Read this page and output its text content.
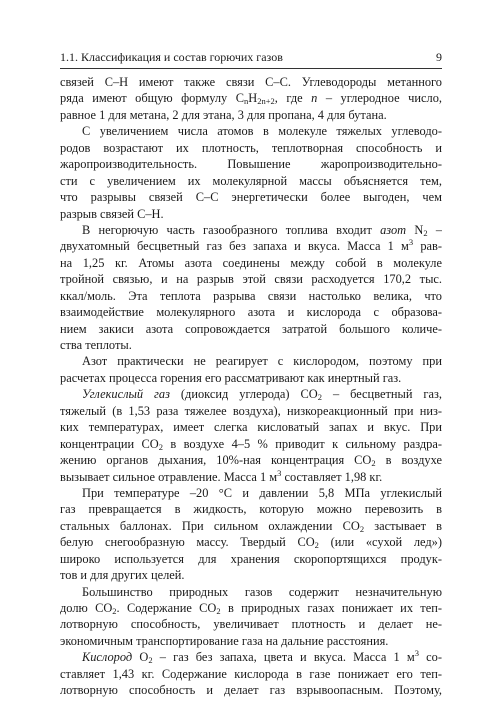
1.1. Классификация и состав горючих газов	9
связей С–Н имеют также связи С–С. Углеводороды метанного
ряда имеют общую формулу $C_nH_{2n+2}$, где n – углеродное число,
равное 1 для метана, 2 для этана, 3 для пропана, 4 для бутана.
С увеличением числа атомов в молекуле тяжелых углеводо-
родов возрастают их плотность, теплотворная способность и
жаропроизводительность. Повышение жаропроизводительно-
сти с увеличением их молекулярной массы объясняется тем,
что разрывы связей С–С энергетически более выгоден, чем
разрыв связей С–Н.
В негорючую часть газообразного топлива входит азот $N_2$ –
двухатомный бесцветный газ без запаха и вкуса. Масса 1 $м^3$ рав-
на 1,25 кг. Атомы азота соединены между собой в молекуле
тройной связью, и на разрыв этой связи расходуется 170,2 тыс.
ккал/моль. Эта теплота разрыва связи настолько велика, что
взаимодействие молекулярного азота и кислорода с образова-
нием закиси азота сопровождается затратой большого количе-
ства теплоты.
Азот практически не реагирует с кислородом, поэтому при
расчетах процесса горения его рассматривают как инертный газ.
Углекислый газ (диоксид углерода) $CO_2$ – бесцветный газ,
тяжелый (в 1,53 раза тяжелее воздуха), низкореакционный при низ-
ких температурах, имеет слегка кисловатый запах и вкус. При
концентрации $CO_2$ в воздухе 4–5 % приводит к сильному раздра-
жению органов дыхания, 10%-ная концентрация $CO_2$ в воздухе
вызывает сильное отравление. Масса 1 $м^3$ составляет 1,98 кг.
При температуре –20 °C и давлении 5,8 МПа углекислый
газ превращается в жидкость, которую можно перевозить в
стальных баллонах. При сильном охлаждении $CO_2$ застывает в
белую снегообразную массу. Твердый $CO_2$ (или «сухой лед»)
широко используется для хранения скоропортящихся продук-
тов и для других целей.
Большинство природных газов содержит незначительную
долю $CO_2$. Содержание $CO_2$ в природных газах понижает их теп-
лотворную способность, увеличивает плотность и делает не-
экономичным транспортирование газа на дальние расстояния.
Кислород $O_2$ – газ без запаха, цвета и вкуса. Масса 1 $м^3$ со-
ставляет 1,43 кг. Содержание кислорода в газе понижает его теп-
лотворную способность и делает газ взрывоопасным. Поэтому,
